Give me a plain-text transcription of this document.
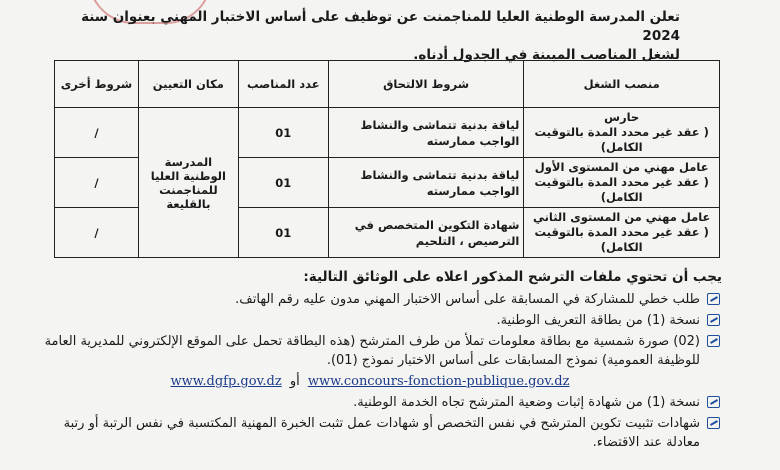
تعلن المدرسة الوطنية العليا للمناجمنت عن توظيف على أساس الاختبار المهني بعنوان سنة 2024

لشغل المناصب المبينة في الجدول أدناه.

منصب الشغل	شروط الالتحاق	عدد المناصب	مكان التعيين	شروط أخرى

حارس
( عقد غير محدد المدة بالتوقيت الكامل)	لياقة بدنية تتماشى والنشاط الواجب ممارسته	01	المدرسة الوطنية العليا للمناجمنت بالقليعة	/

عامل مهني من المستوى الأول
( عقد غير محدد المدة بالتوقيت الكامل)	لياقة بدنية تتماشى والنشاط الواجب ممارسته	01		/

عامل مهني من المستوى الثاني
( عقد غير محدد المدة بالتوقيت الكامل)	شهادة التكوين المتخصص في الترصيص ، التلحيم	01		/

يجب أن تحتوي ملفات الترشح المذكور اعلاه على الوثائق التالية:

طلب خطي للمشاركة في المسابقة على أساس الاختبار المهني مدون عليه رقم الهاتف.
نسخة (1) من بطاقة التعريف الوطنية.
(02) صورة شمسية مع بطاقة معلومات تملأ من طرف المترشح (هذه البطاقة تحمل على الموقع الإلكتروني للمديرية العامة للوظيفة العمومية) نموذج المسابقات على أساس الاختبار نموذج (01).
www.dgfp.gov.dz أو www.concours-fonction-publique.gov.dz
نسخة (1) من شهادة إثبات وضعية المترشح تجاه الخدمة الوطنية.
شهادات تثبيت تكوين المترشح في نفس التخصص أو شهادات عمل تثبت الخبرة المهنية المكتسبة في نفس الرتبة أو رتبة معادلة عند الاقتضاء.
